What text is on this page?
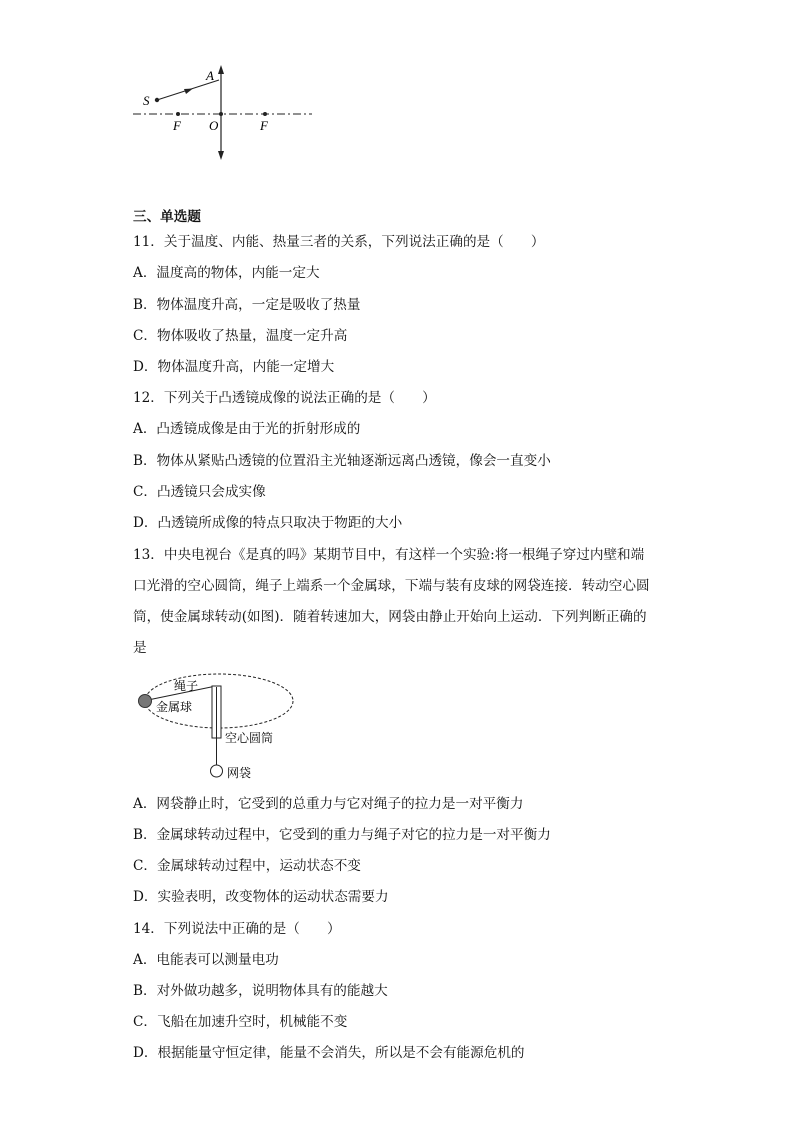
S
A
F O	F
三、单选题
11．关于温度、内能、热量三者的关系，下列说法正确的是（　　）
A．温度高的物体，内能一定大
B．物体温度升高，一定是吸收了热量
C．物体吸收了热量，温度一定升高
D．物体温度升高，内能一定增大
12．下列关于凸透镜成像的说法正确的是（　　）
A．凸透镜成像是由于光的折射形成的
B．物体从紧贴凸透镜的位置沿主光轴逐渐远离凸透镜，像会一直变小
C．凸透镜只会成实像
D．凸透镜所成像的特点只取决于物距的大小
13．中央电视台《是真的吗》某期节目中，有这样一个实验:将一根绳子穿过内壁和端
口光滑的空心圆筒，绳子上端系一个金属球，下端与装有皮球的网袋连接．转动空心圆
筒，使金属球转动(如图)．随着转速加大，网袋由静止开始向上运动．下列判断正确的
是
绳子
金属球
空心圆筒
网袋
A．网袋静止时，它受到的总重力与它对绳子的拉力是一对平衡力
B．金属球转动过程中，它受到的重力与绳子对它的拉力是一对平衡力
C．金属球转动过程中，运动状态不变
D．实验表明，改变物体的运动状态需要力
14．下列说法中正确的是（　　）
A．电能表可以测量电功
B．对外做功越多，说明物体具有的能越大
C．飞船在加速升空时，机械能不变
D．根据能量守恒定律，能量不会消失，所以是不会有能源危机的
